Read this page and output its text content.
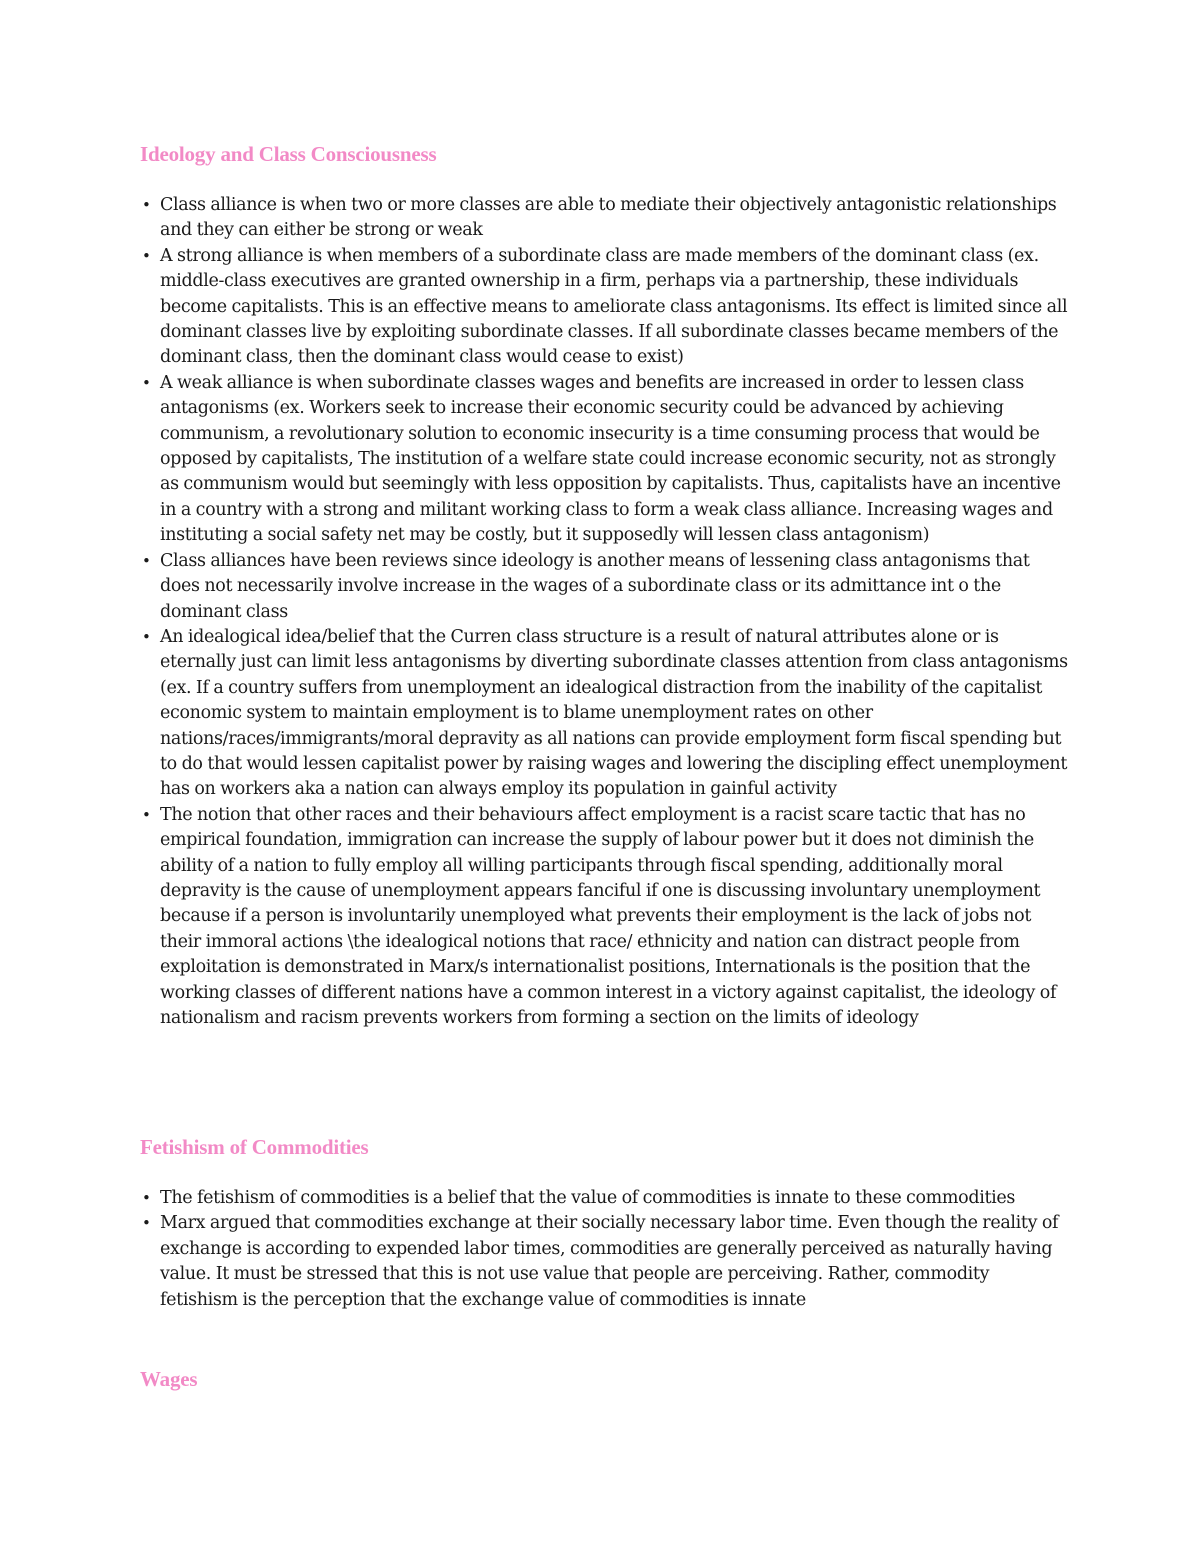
Ideology and Class Consciousness
• Class alliance is when two or more classes are able to mediate their objectively antagonistic relationships and they can either be strong or weak
• A strong alliance is when members of a subordinate class are made members of the dominant class (ex. middle-class executives are granted ownership in a firm, perhaps via a partnership, these individuals become capitalists. This is an effective means to ameliorate class antagonisms. Its effect is limited since all dominant classes live by exploiting subordinate classes. If all subordinate classes became members of the dominant class, then the dominant class would cease to exist)
• A weak alliance is when subordinate classes wages and benefits are increased in order to lessen class antagonisms (ex. Workers seek to increase their economic security could be advanced by achieving communism, a revolutionary solution to economic insecurity is a time consuming process that would be opposed by capitalists, The institution of a welfare state could increase economic security, not as strongly as communism would but seemingly with less opposition by capitalists. Thus, capitalists have an incentive in a country with a strong and militant working class to form a weak class alliance. Increasing wages and instituting a social safety net may be costly, but it supposedly will lessen class antagonism)
• Class alliances have been reviews since ideology is another means of lessening class antagonisms that does not necessarily involve increase in the wages of a subordinate class or its admittance int o the dominant class
• An idealogical idea/belief that the Curren class structure is a result of natural attributes alone or is eternally just can limit less antagonisms by diverting subordinate classes attention from class antagonisms (ex. If a country suffers from unemployment an idealogical distraction from the inability of the capitalist economic system to maintain employment is to blame unemployment rates on other nations/races/immigrants/moral depravity as all nations can provide employment form fiscal spending but to do that would lessen capitalist power by raising wages and lowering the discipling effect unemployment has on workers aka a nation can always employ its population in gainful activity
• The notion that other races and their behaviours affect employment is a racist scare tactic that has no empirical foundation, immigration can increase the supply of labour power but it does not diminish the ability of a nation to fully employ all willing participants through fiscal spending, additionally moral depravity is the cause of unemployment appears fanciful if one is discussing involuntary unemployment because if a person is involuntarily unemployed what prevents their employment is the lack of jobs not their immoral actions \the idealogical notions that race/ ethnicity and nation can distract people from exploitation is demonstrated in Marx/s internationalist positions, Internationals is the position that the working classes of different nations have a common interest in a victory against capitalist, the ideology of nationalism and racism prevents workers from forming a section on the limits of ideology
Fetishism of Commodities
• The fetishism of commodities is a belief that the value of commodities is innate to these commodities
• Marx argued that commodities exchange at their socially necessary labor time. Even though the reality of exchange is according to expended labor times, commodities are generally perceived as naturally having value. It must be stressed that this is not use value that people are perceiving. Rather, commodity fetishism is the perception that the exchange value of commodities is innate
Wages
